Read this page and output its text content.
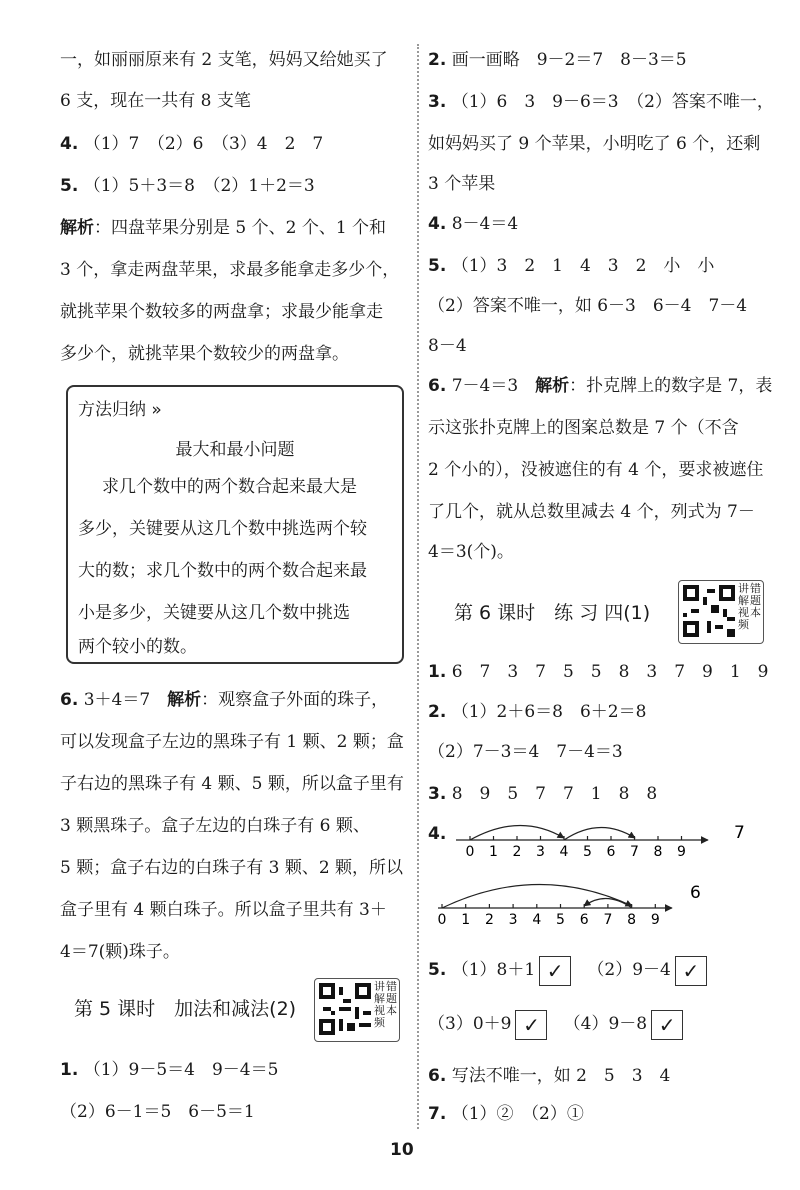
一，如丽丽原来有 2 支笔，妈妈又给她买了
6 支，现在一共有 8 支笔
4. （1）7　（2）6　（3）4　2　7
5. （1）5＋3＝8　（2）1＋2＝3
解析：四盘苹果分别是 5 个、2 个、1 个和
3 个，拿走两盘苹果，求最多能拿走多少个，
就挑苹果个数较多的两盘拿；求最少能拿走
多少个，就挑苹果个数较少的两盘拿。
方法归纳 »
最大和最小问题
求几个数中的两个数合起来最大是
多少，关键要从这几个数中挑选两个较
大的数；求几个数中的两个数合起来最
小是多少，关键要从这几个数中挑选
两个较小的数。
6. 3＋4＝7　解析：观察盒子外面的珠子，
可以发现盒子左边的黑珠子有 1 颗、2 颗；盒
子右边的黑珠子有 4 颗、5 颗，所以盒子里有
3 颗黑珠子。盒子左边的白珠子有 6 颗、
5 颗；盒子右边的白珠子有 3 颗、2 颗，所以
盒子里有 4 颗白珠子。所以盒子里共有 3＋
4＝7(颗)珠子。
第 5 课时　加法和减法(2)
讲解视频
错题本
1. （1）9－5＝4　9－4＝5
（2）6－1＝5　6－5＝1
2. 画一画略　9－2＝7　8－3＝5
3. （1）6　3　9－6＝3　（2）答案不唯一，
如妈妈买了 9 个苹果，小明吃了 6 个，还剩
3 个苹果
4. 8－4＝4
5. （1）3　2　1　4　3　2　小　小
（2）答案不唯一，如 6－3　6－4　7－4
8－4
6. 7－4＝3　解析：扑克牌上的数字是 7，表
示这张扑克牌上的图案总数是 7 个（不含
2 个小的），没被遮住的有 4 个，要求被遮住
了几个，就从总数里减去 4 个，列式为 7－
4＝3(个)。
第 6 课时　练 习 四(1)
讲解视频
错题本
1. 6　7　3　7　5　5　8　3　7　9　1　9
2. （1）2＋6＝8　6＋2＝8
（2）7－3＝4　7－4＝3
3. 8　9　5　7　7　1　8　8
4.
0 1 2 3 4 5 6 7 8 9
7
0 1 2 3 4 5 6 7 8 9
6
5. （1）8＋1 ✓ （2）9－4 ✓
（3）0＋9 ✓ （4）9－8 ✓
6. 写法不唯一，如 2　5　3　4
7. （1）②　（2）①
10
